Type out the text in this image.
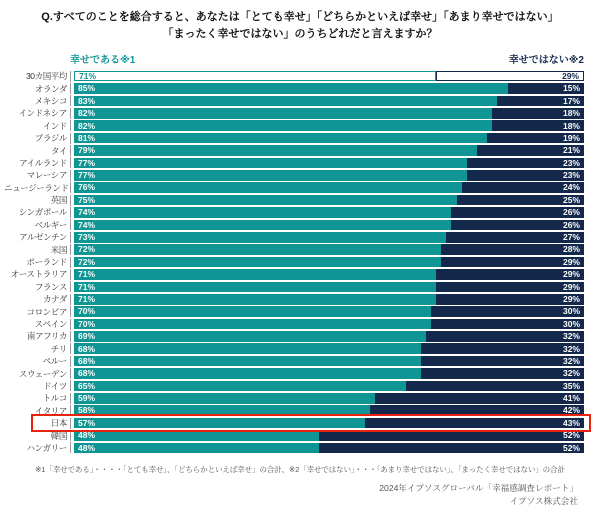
Q.すべてのことを総合すると、あなたは「とても幸せ」「どちらかといえば幸せ」「あまり幸せではない」
「まったく幸せではない」のうちどれだと言えますか？
幸せである※1	幸せではない※2
30カ国平均 71%	29%
オランダ 85%	15%
メキシコ 83%	17%
インドネシア 82%	18%
インド 82%	18%
ブラジル 81%	19%
タイ 79%	21%
アイルランド 77%	23%
マレーシア 77%	23%
ニュージーランド 76%	24%
英国 75%	25%
シンガポール 74%	26%
ベルギー 74%	26%
アルゼンチン 73%	27%
米国 72%	28%
ポーランド 72%	29%
オーストラリア 71%	29%
フランス 71%	29%
カナダ 71%	29%
コロンビア 70%	30%
スペイン 70%	30%
南アフリカ 69%	32%
チリ 68%	32%
ペルー 68%	32%
スウェーデン 68%	32%
ドイツ 65%	35%
トルコ 59%	41%
イタリア 58%	42%
日本 57%	43%
韓国 48%	52%
ハンガリー 48%	52%
※1「幸せである」・・・・「とても幸せ」、「どちらかといえば幸せ」の合計、※2「幸せではない」・・・「あまり幸せではない」、「まったく幸せではない」の合計
2024年イプソスグローバル「幸福感調査レポート」
イプソス株式会社
